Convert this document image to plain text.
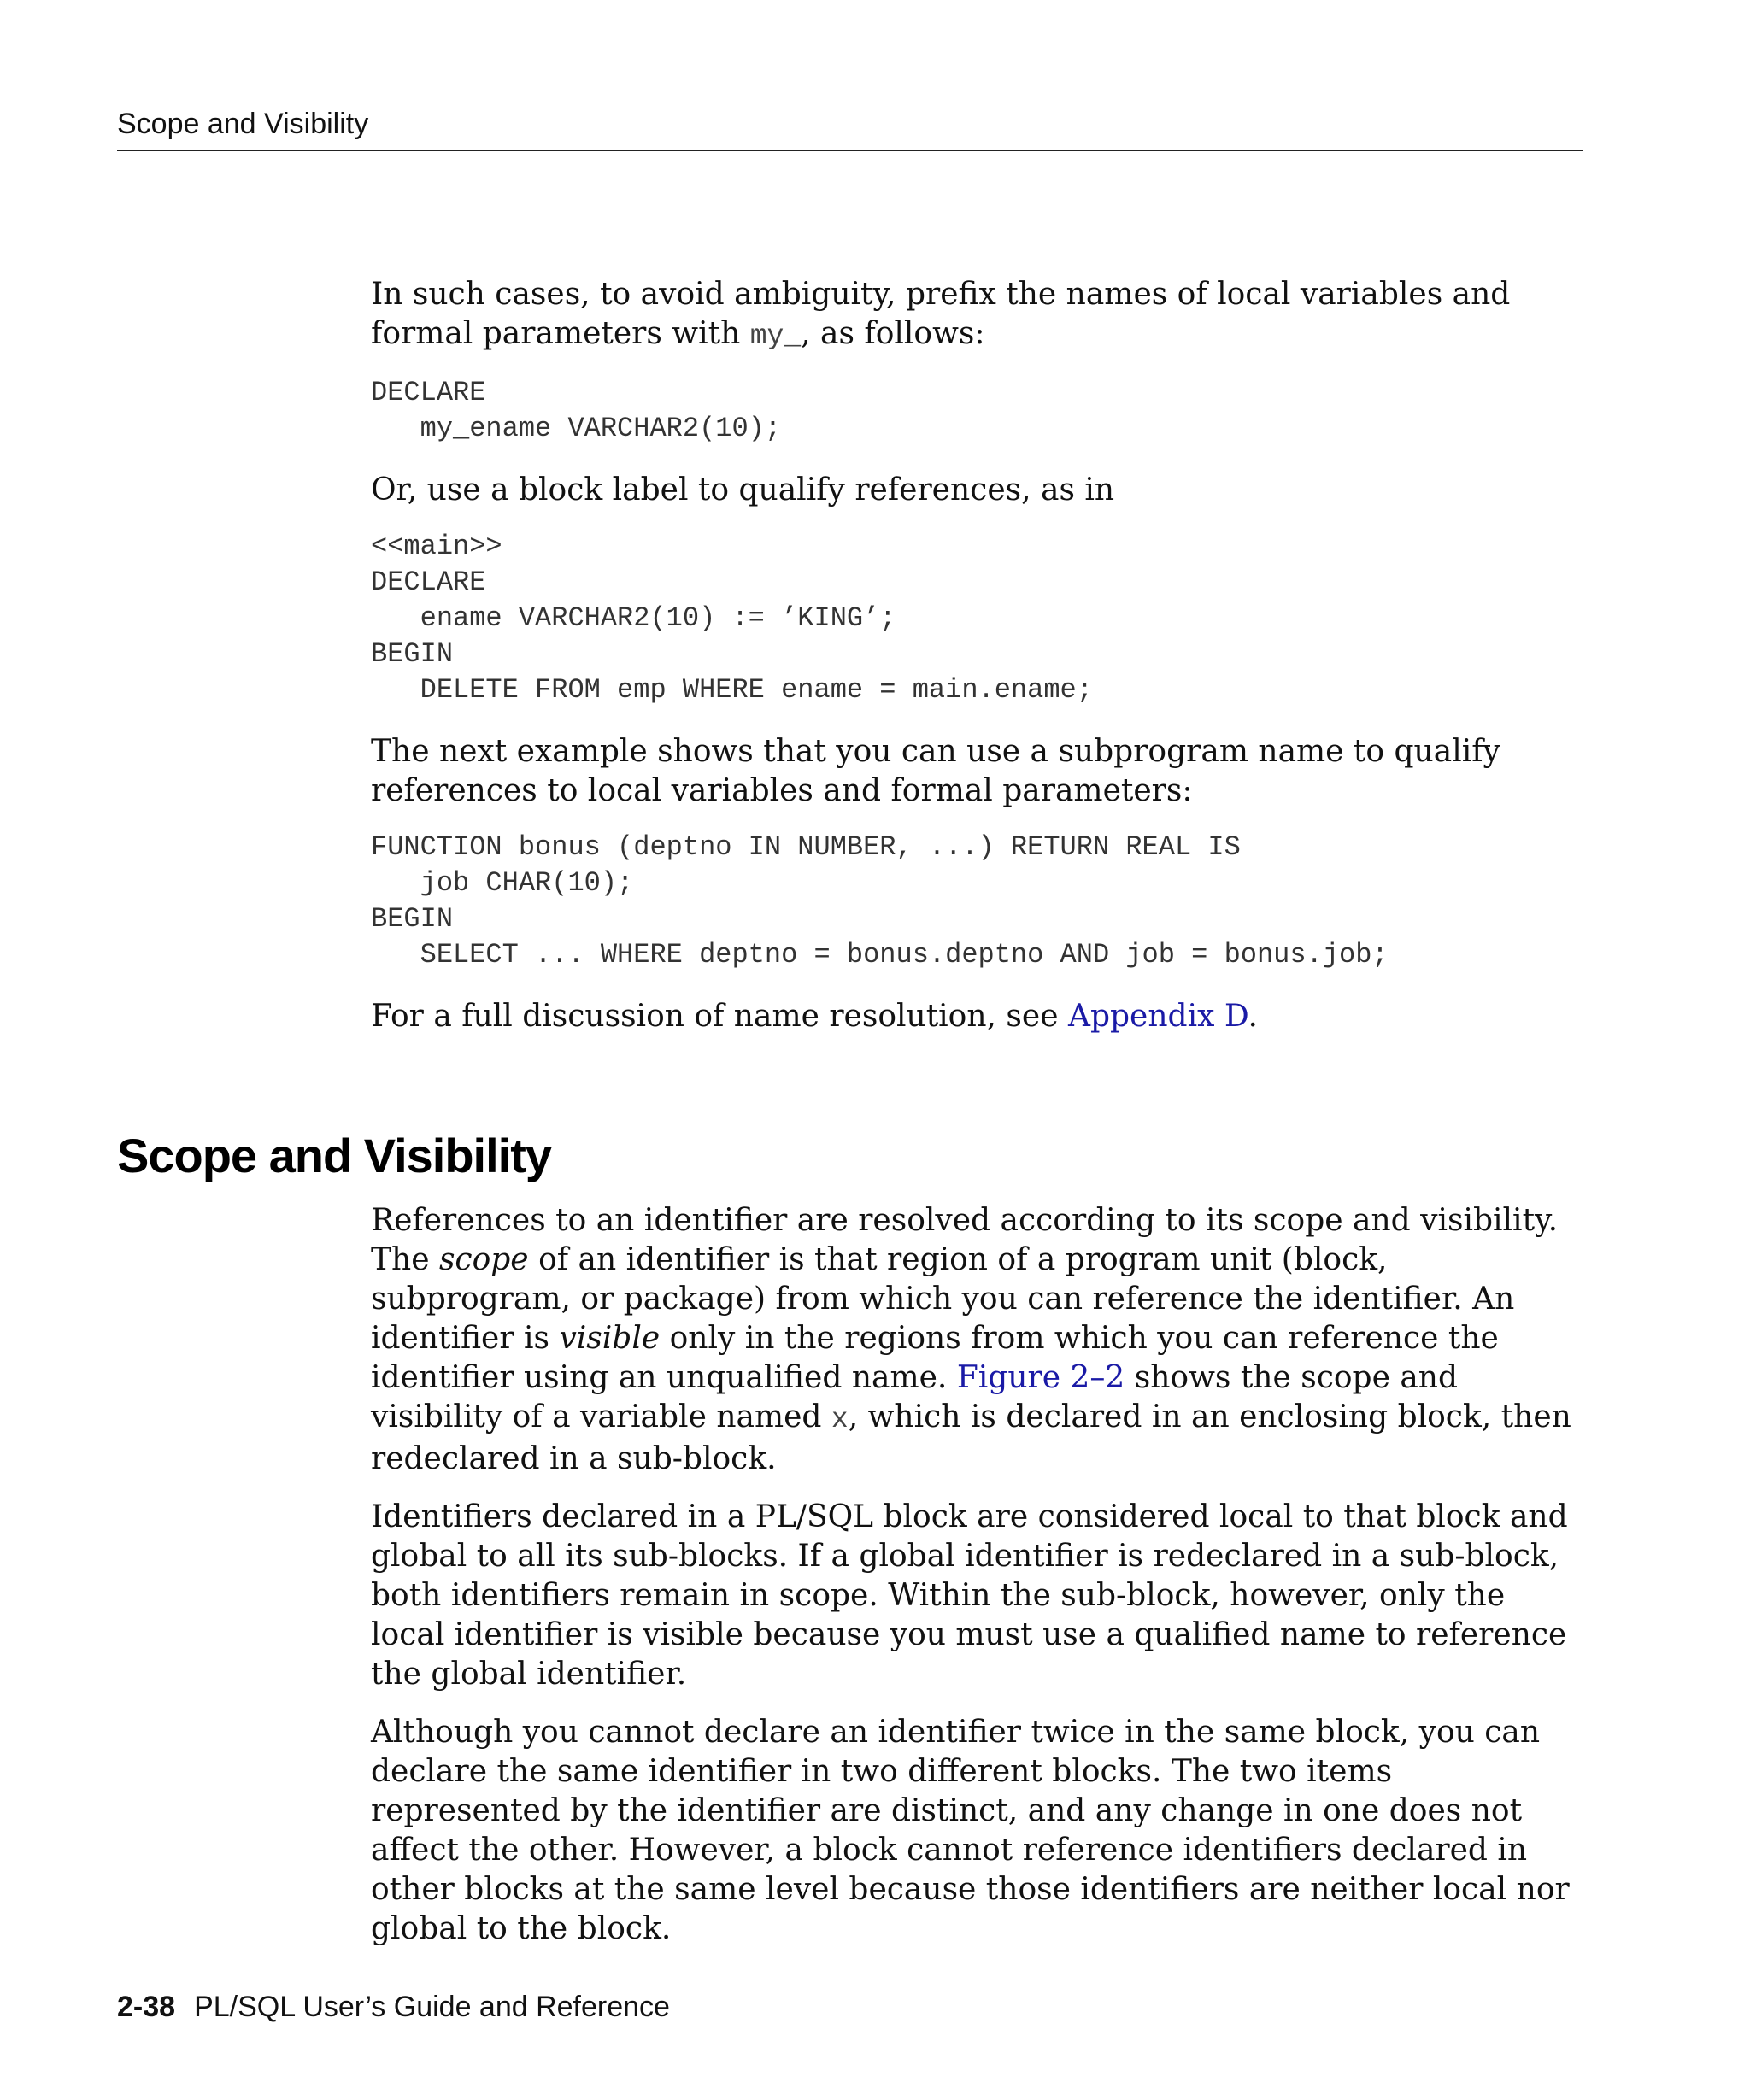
Scope and Visibility

In such cases, to avoid ambiguity, prefix the names of local variables and formal parameters with my_, as follows:

DECLARE
my_ename VARCHAR2(10);

Or, use a block label to qualify references, as in

<<main>>
DECLARE
ename VARCHAR2(10) := ’KING’;
BEGIN
DELETE FROM emp WHERE ename = main.ename;

The next example shows that you can use a subprogram name to qualify references to local variables and formal parameters:

FUNCTION bonus (deptno IN NUMBER, ...) RETURN REAL IS
job CHAR(10);
BEGIN
SELECT ... WHERE deptno = bonus.deptno AND job = bonus.job;

For a full discussion of name resolution, see Appendix D.

Scope and Visibility

References to an identifier are resolved according to its scope and visibility. The scope of an identifier is that region of a program unit (block, subprogram, or package) from which you can reference the identifier. An identifier is visible only in the regions from which you can reference the identifier using an unqualified name. Figure 2–2 shows the scope and visibility of a variable named x, which is declared in an enclosing block, then redeclared in a sub-block.

Identifiers declared in a PL/SQL block are considered local to that block and global to all its sub-blocks. If a global identifier is redeclared in a sub-block, both identifiers remain in scope. Within the sub-block, however, only the local identifier is visible because you must use a qualified name to reference the global identifier.

Although you cannot declare an identifier twice in the same block, you can declare the same identifier in two different blocks. The two items represented by the identifier are distinct, and any change in one does not affect the other. However, a block cannot reference identifiers declared in other blocks at the same level because those identifiers are neither local nor global to the block.

2-38 PL/SQL User’s Guide and Reference
